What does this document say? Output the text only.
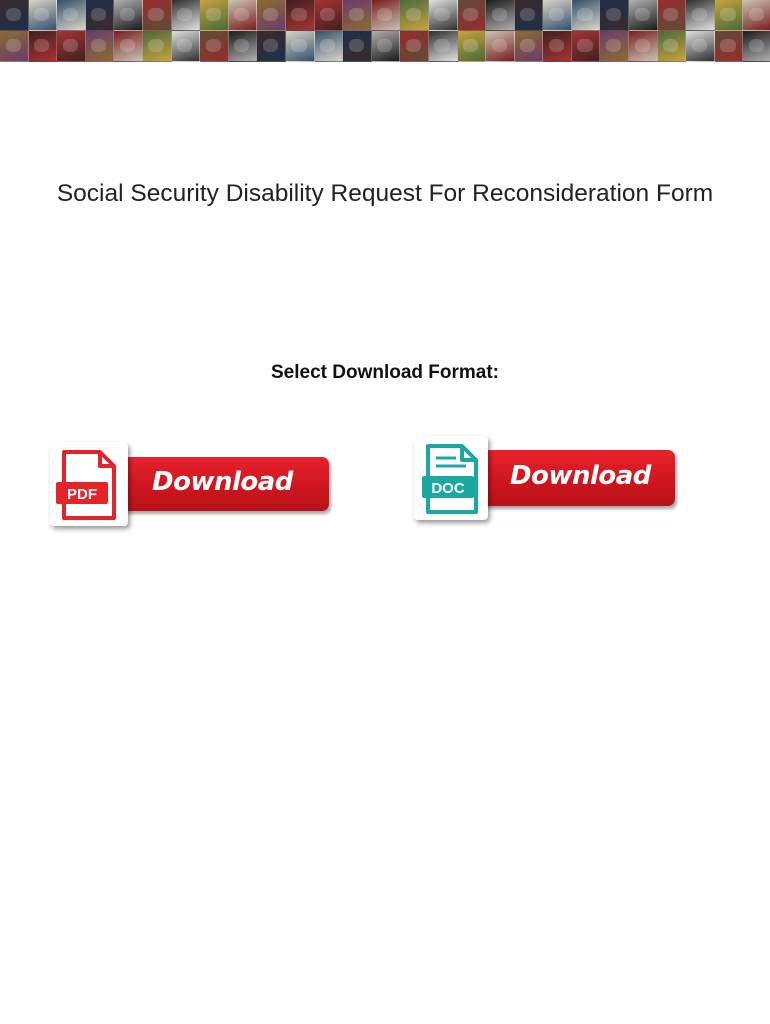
Social Security Disability Request For Reconsideration Form
Select Download Format:
Download
PDF
Download
DOC
